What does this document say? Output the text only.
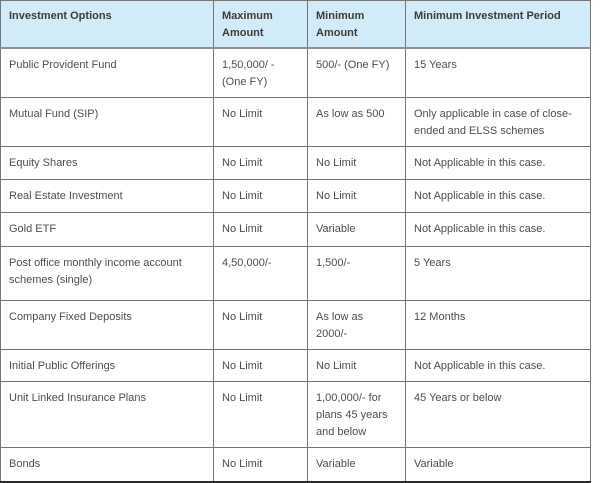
Investment Options	Maximum Amount	Minimum Amount	Minimum Investment Period
Public Provident Fund	1,50,000/ - (One FY)	500/- (One FY)	15 Years
Mutual Fund (SIP)	No Limit	As low as 500	Only applicable in case of close-ended and ELSS schemes
Equity Shares	No Limit	No Limit	Not Applicable in this case.
Real Estate Investment	No Limit	No Limit	Not Applicable in this case.
Gold ETF	No Limit	Variable	Not Applicable in this case.
Post office monthly income account schemes (single)	4,50,000/-	1,500/-	5 Years
Company Fixed Deposits	No Limit	As low as 2000/-	12 Months
Initial Public Offerings	No Limit	No Limit	Not Applicable in this case.
Unit Linked Insurance Plans	No Limit	1,00,000/- for plans 45 years and below	45 Years or below
Bonds	No Limit	Variable	Variable
